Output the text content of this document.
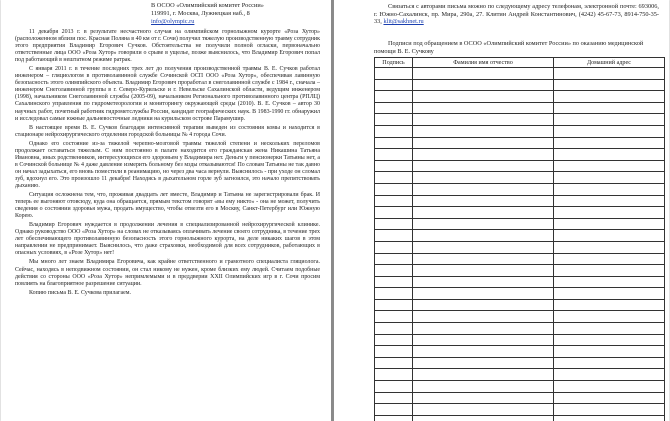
В ОСОО «Олимпийский комитет России»
119991, г. Москва, Лужнецкая наб., 8
info@olympic.ru

11 декабря 2013 г. в результате несчастного случая на олимпийском горнолыжном курорте «Роза Хутор» (расположенном вблизи пос. Красная Поляна в 40 км от г. Сочи) получил тяжелую производственную травму сотрудник этого предприятия Владимир Егорович Сучков. Обстоятельства не получили полной огласки, первоначально ответственные лица ООО «Роза Хутор» говорили о срыве в ущелье, позже выяснилось, что Владимир Егорович попал под работающий в нештатном режиме ратрак.

С января 2011 г. в течение последних трех лет до получения производственной травмы В. Е. Сучков работал инженером – гляциологом в противолавинной службе Сочинской ОСП ООО «Роза Хутор», обеспечивая лавинную безопасность этого олимпийского объекта. Владимир Егорович проработал в снеголавинной службе с 1984 г., сначала – инженером Снеголавинной группы в г. Северо-Курильске и г. Невельске Сахалинской области, ведущим инженером (1998), начальником Снеголавинной службы (2005-09), начальником Регионального противолавинного центра (РПЛЦ) Сахалинского управления по гидрометеорологии и мониторингу окружающей среды (2010). В. Е. Сучков – автор 30 научных работ, почетный работник гидрометслужбы России, кандидат географических наук. В 1983-1990 гг. обнаружил и исследовал самые южные дальневосточные ледники на курильском острове Парамушир.

В настоящее время В. Е. Сучков благодаря интенсивной терапии выведен из состояния комы и находится в стационаре нейрохирургического отделения городской больницы № 4 города Сочи.

Однако его состояние из-за тяжелой черепно-мозговой травмы тяжелой степени и нескольких переломов продолжает оставаться тяжелым. С ним постоянно в палате находится его гражданская жена Никашина Татьяна Ивановна, иных родственников, интересующихся его здоровьем у Владимира нет. Деньги у пенсионерки Татьяны нет, а в Сочинской больнице № 4 даже давление измерить больному без мзды отказываются! По словам Татьяны не так давно он начал задыхаться, его вновь поместили в реанимацию, но через два часа вернули. Выяснилось - при уходе он сломал зуб, вдохнул его. Это произошло 11 декабря! Находясь в дыхательном горле зуб загноился, это начало препятствовать дыханию.

Ситуация осложнена тем, что, проживая двадцать лет вместе, Владимир и Татьяна не зарегистрировали брак. И теперь ее выгоняют отовсюду, куда она обращается, прямым текстом говорят «вы ему никто» - она не может, получить сведения о состоянии здоровья мужа, продать имущество, чтобы отвезти его в Москву, Санкт-Петербург или Южную Корею.

Владимир Егорович нуждается в продолжении лечения в специализированной нейрохирургической клинике. Однако руководство ООО «Роза Хутор» на словах не отказываясь оплачивать лечение своего сотрудника, в течение трех лет обеспечивающего противолавинную безопасность этого горнолыжного курорта, на деле никаких шагов в этом направлении не предпринимает. Выяснилось, что даже страховки, необходимой для всех сотрудников, работающих в опасных условиях, в «Розе Хутор» нет!

Мы много лет знаем Владимира Егоровича, как крайне ответственного и грамотного специалиста гляциолога. Сейчас, находясь в неподвижном состоянии, он стал никому не нужен, кроме близких ему людей. Считаем подобные действия со стороны ООО «Роза Хутор» непримлемыми и в преддверии ХХII Олимпийских игр в г. Сочи просим повлиять на благоприятное разрешение ситуации.

Копию письма В. Е. Сучкова прилагаем.

Связаться с авторами письма можно по следующему адресу телефонам, электронной почте: 693006, г. Южно-Сахалинск, пр. Мира, 290а, 27. Клитин Андрей Константинович, (4242) 45-67-73, 8914-750-35-33, klit@sakhnet.ru

Подписи под обращением в ОСОО «Олимпийский комитет России» по оказанию медицинской помощи В. Е. Сучкову

Подпись	Фамилия имя отчество	Домашний адрес
